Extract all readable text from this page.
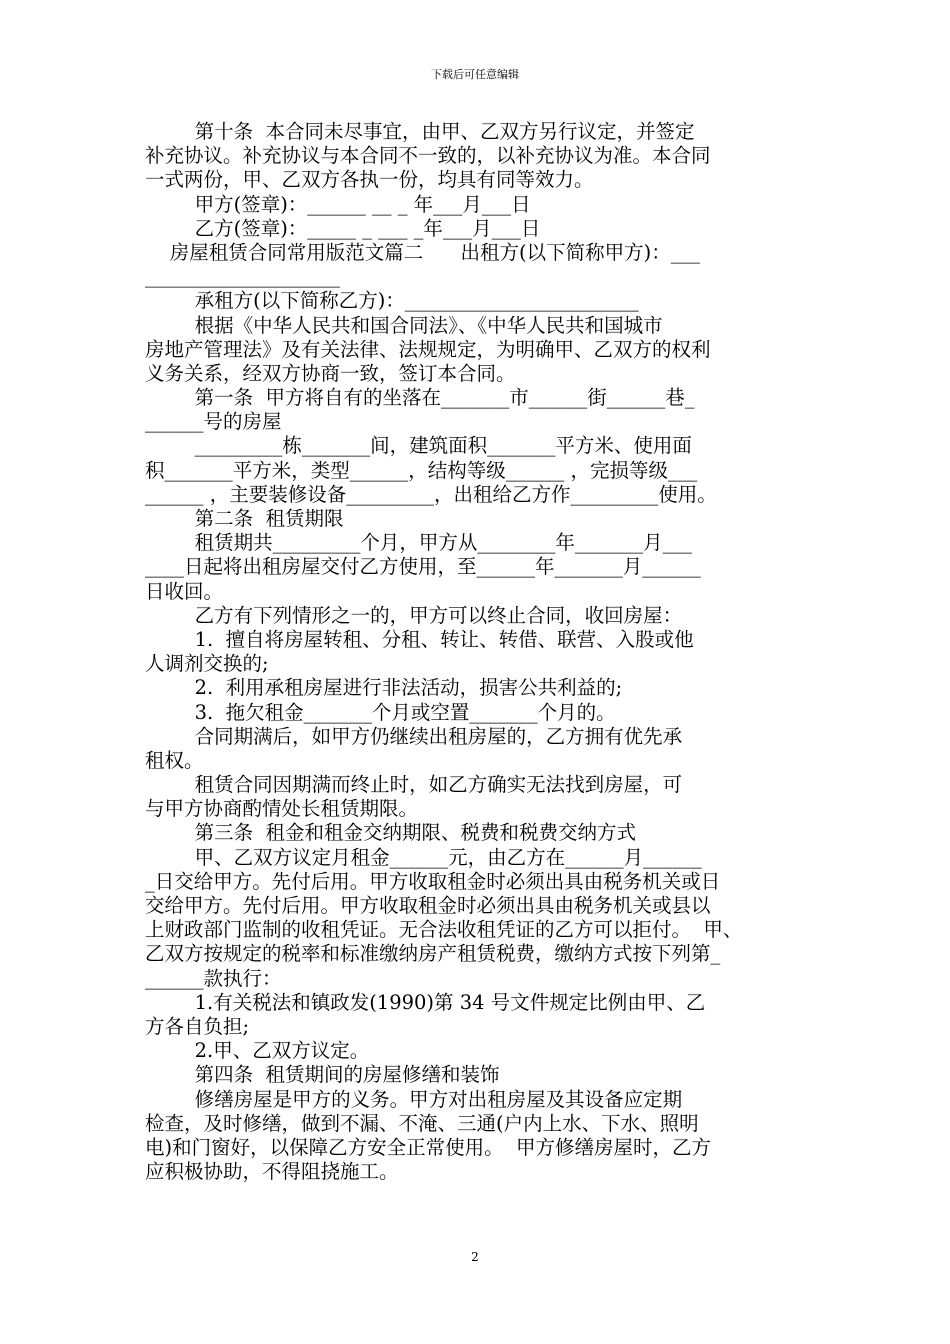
下载后可任意编辑
第十条  本合同未尽事宜，由甲、乙双方另行议定，并签定
补充协议。补充协议与本合同不一致的，以补充协议为准。本合同
一式两份，甲、乙双方各执一份，均具有同等效力。
甲方(签章)：______ __ _ 年___月___日
乙方(签章)：_____ _ ___ _年___月___日
房屋租赁合同常用版范文篇二      出租方(以下简称甲方)：___
____________________
承租方(以下简称乙方)：________________________
根据《中华人民共和国合同法》、《中华人民共和国城市
房地产管理法》及有关法律、法规规定，为明确甲、乙双方的权利
义务关系，经双方协商一致，签订本合同。
第一条  甲方将自有的坐落在_______市______街______巷_
______号的房屋
_________栋_______间，建筑面积_______平方米、使用面
积_______平方米，类型______，结构等级______ ，完损等级___
______ ，主要装修设备_________，出租给乙方作_________使用。
第二条  租赁期限
租赁期共_________个月，甲方从________年_______月___
____日起将出租房屋交付乙方使用，至______年_______月______
日收回。
乙方有下列情形之一的，甲方可以终止合同，收回房屋：
1.  擅自将房屋转租、分租、转让、转借、联营、入股或他
人调剂交换的;
2.  利用承租房屋进行非法活动，损害公共利益的;
3.  拖欠租金_______个月或空置_______个月的。
合同期满后，如甲方仍继续出租房屋的，乙方拥有优先承
租权。
租赁合同因期满而终止时，如乙方确实无法找到房屋，可
与甲方协商酌情处长租赁期限。
第三条  租金和租金交纳期限、税费和税费交纳方式
甲、乙双方议定月租金______元，由乙方在______月______
_日交给甲方。先付后用。甲方收取租金时必须出具由税务机关或日
交给甲方。先付后用。甲方收取租金时必须出具由税务机关或县以
上财政部门监制的收租凭证。无合法收租凭证的乙方可以拒付。  甲、
乙双方按规定的税率和标准缴纳房产租赁税费，缴纳方式按下列第_
______款执行：
1.有关税法和镇政发(1990)第 34 号文件规定比例由甲、乙
方各自负担;
2.甲、乙双方议定。
第四条  租赁期间的房屋修缮和装饰
修缮房屋是甲方的义务。甲方对出租房屋及其设备应定期
检查，及时修缮，做到不漏、不淹、三通(户内上水、下水、照明
电)和门窗好，以保障乙方安全正常使用。  甲方修缮房屋时，乙方
应积极协助，不得阻挠施工。
2
